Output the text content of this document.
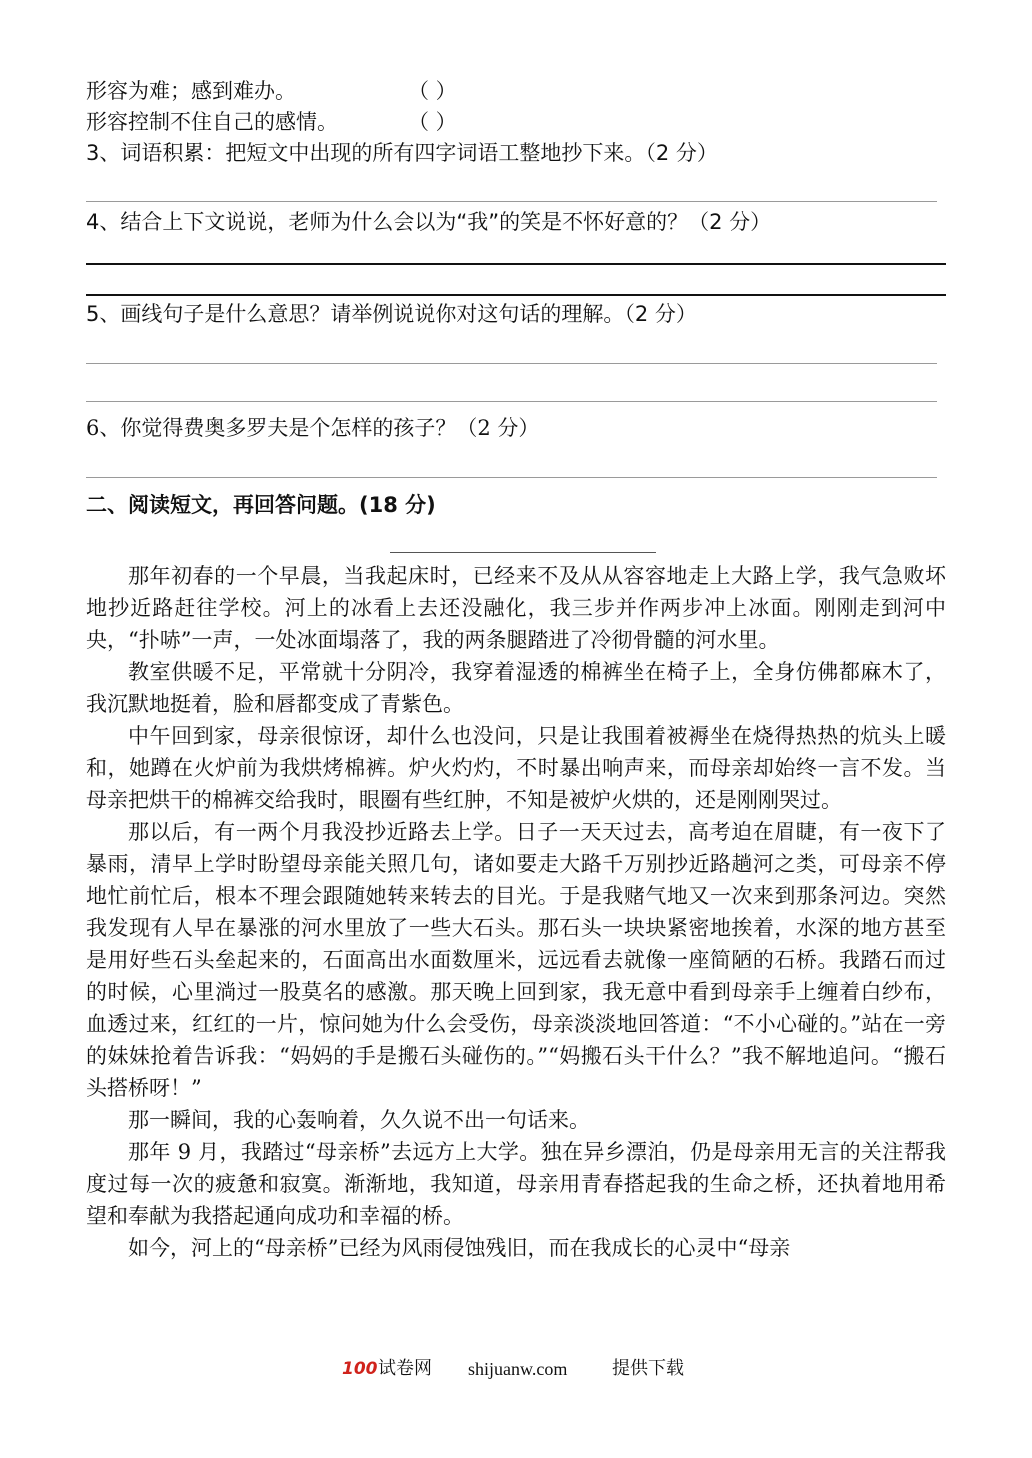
形容为难；感到难办。	（ ）
形容控制不住自己的感情。	（ ）
3、词语积累：把短文中出现的所有四字词语工整地抄下来。（2 分）
4、结合上下文说说，老师为什么会以为“我”的笑是不怀好意的？（2 分）
5、画线句子是什么意思？请举例说说你对这句话的理解。（2 分）
6、你觉得费奥多罗夫是个怎样的孩子？（2 分）
二、阅读短文，再回答问题。(18 分)

那年初春的一个早晨，当我起床时，已经来不及从从容容地走上大路上学，我气急败坏地抄近路赶往学校。河上的冰看上去还没融化，我三步并作两步冲上冰面。刚刚走到河中央，“扑哧”一声，一处冰面塌落了，我的两条腿踏进了冷彻骨髓的河水里。

教室供暖不足，平常就十分阴冷，我穿着湿透的棉裤坐在椅子上，全身仿佛都麻木了，我沉默地挺着，脸和唇都变成了青紫色。

中午回到家，母亲很惊讶，却什么也没问，只是让我围着被褥坐在烧得热热的炕头上暖和，她蹲在火炉前为我烘烤棉裤。炉火灼灼，不时暴出响声来，而母亲却始终一言不发。当母亲把烘干的棉裤交给我时，眼圈有些红肿，不知是被炉火烘的，还是刚刚哭过。

那以后，有一两个月我没抄近路去上学。日子一天天过去，高考迫在眉睫，有一夜下了暴雨，清早上学时盼望母亲能关照几句，诸如要走大路千万别抄近路趟河之类，可母亲不停地忙前忙后，根本不理会跟随她转来转去的目光。于是我赌气地又一次来到那条河边。突然我发现有人早在暴涨的河水里放了一些大石头。那石头一块块紧密地挨着，水深的地方甚至是用好些石头垒起来的，石面高出水面数厘米，远远看去就像一座简陋的石桥。我踏石而过的时候，心里淌过一股莫名的感激。那天晚上回到家，我无意中看到母亲手上缠着白纱布，血透过来，红红的一片，惊问她为什么会受伤，母亲淡淡地回答道：“不小心碰的。”站在一旁的妹妹抢着告诉我：“妈妈的手是搬石头碰伤的。”“妈搬石头干什么？”我不解地追问。“搬石头搭桥呀！”

那一瞬间，我的心轰响着，久久说不出一句话来。

那年 9 月，我踏过“母亲桥”去远方上大学。独在异乡漂泊，仍是母亲用无言的关注帮我度过每一次的疲惫和寂寞。渐渐地，我知道，母亲用青春搭起我的生命之桥，还执着地用希望和奉献为我搭起通向成功和幸福的桥。

如今，河上的“母亲桥”已经为风雨侵蚀残旧，而在我成长的心灵中“母亲

100 试卷网 shijuanw.com 提供下载
